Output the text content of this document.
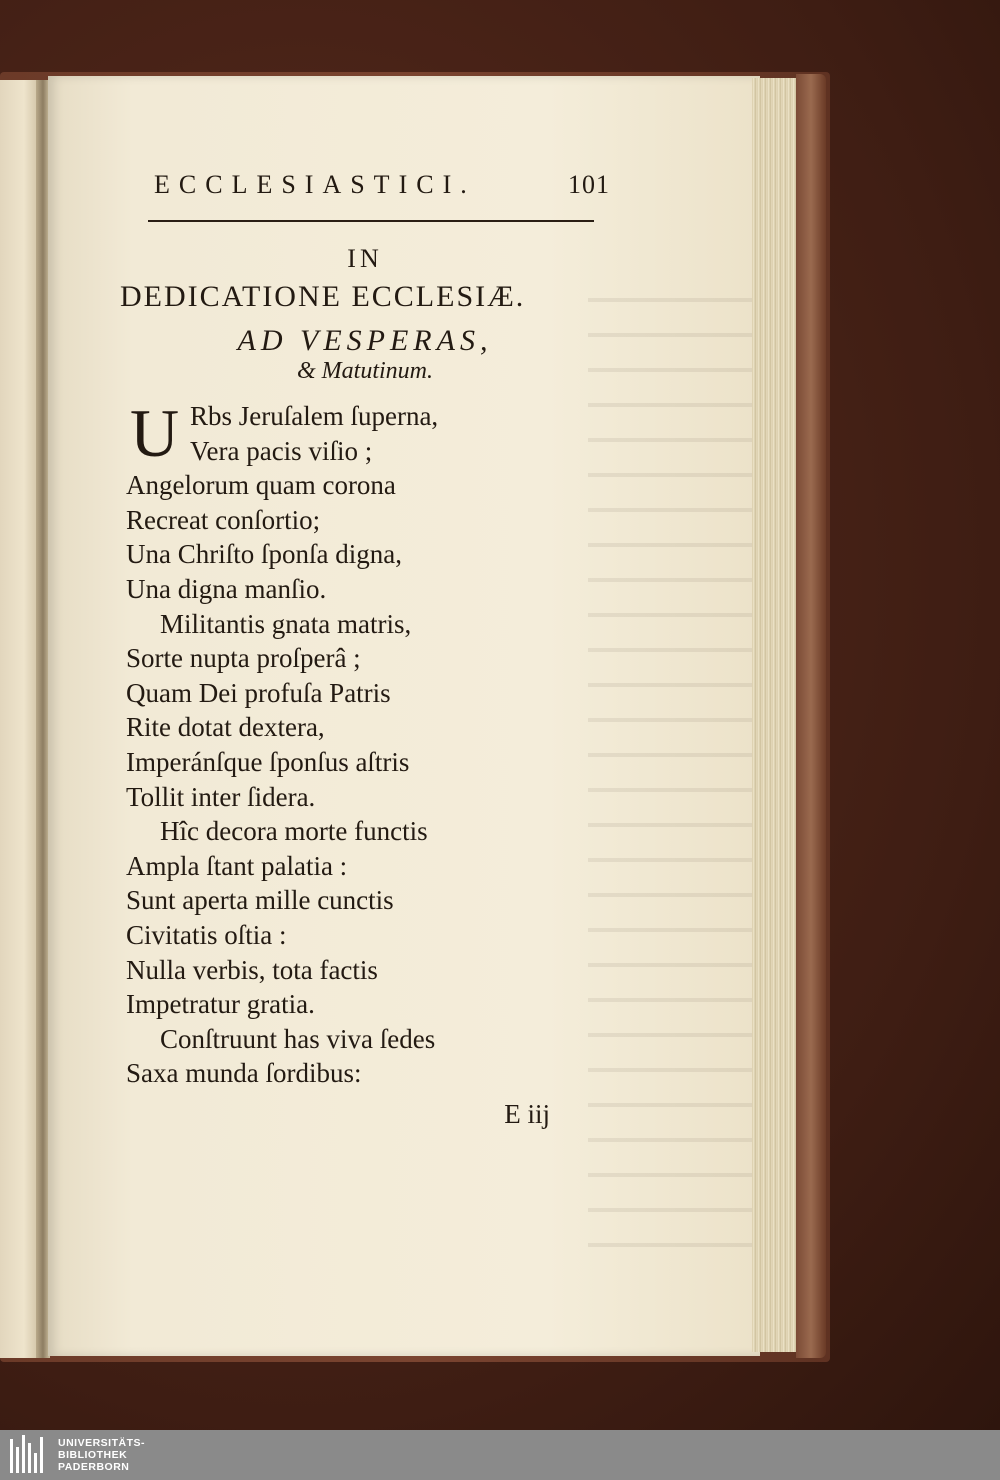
ECCLESIASTICI.	101
IN
DEDICATIONE ECCLESIÆ.
AD VESPERAS,
& Matutinum.
U Rbs Jeruſalem ſuperna,
Vera pacis viſio ;
Angelorum quam corona
Recreat conſortio;
Una Chriſto ſponſa digna,
Una digna manſio.
Militantis gnata matris,
Sorte nupta proſperâ ;
Quam Dei profuſa Patris
Rite dotat dextera,
Imperánſque ſponſus aſtris
Tollit inter ſidera.
Hîc decora morte functis
Ampla ſtant palatia :
Sunt aperta mille cunctis
Civitatis oſtia :
Nulla verbis, tota factis
Impetratur gratia.
Conſtruunt has viva ſedes
Saxa munda ſordibus:
E iij
UNIVERSITÄTS-
BIBLIOTHEK
PADERBORN
